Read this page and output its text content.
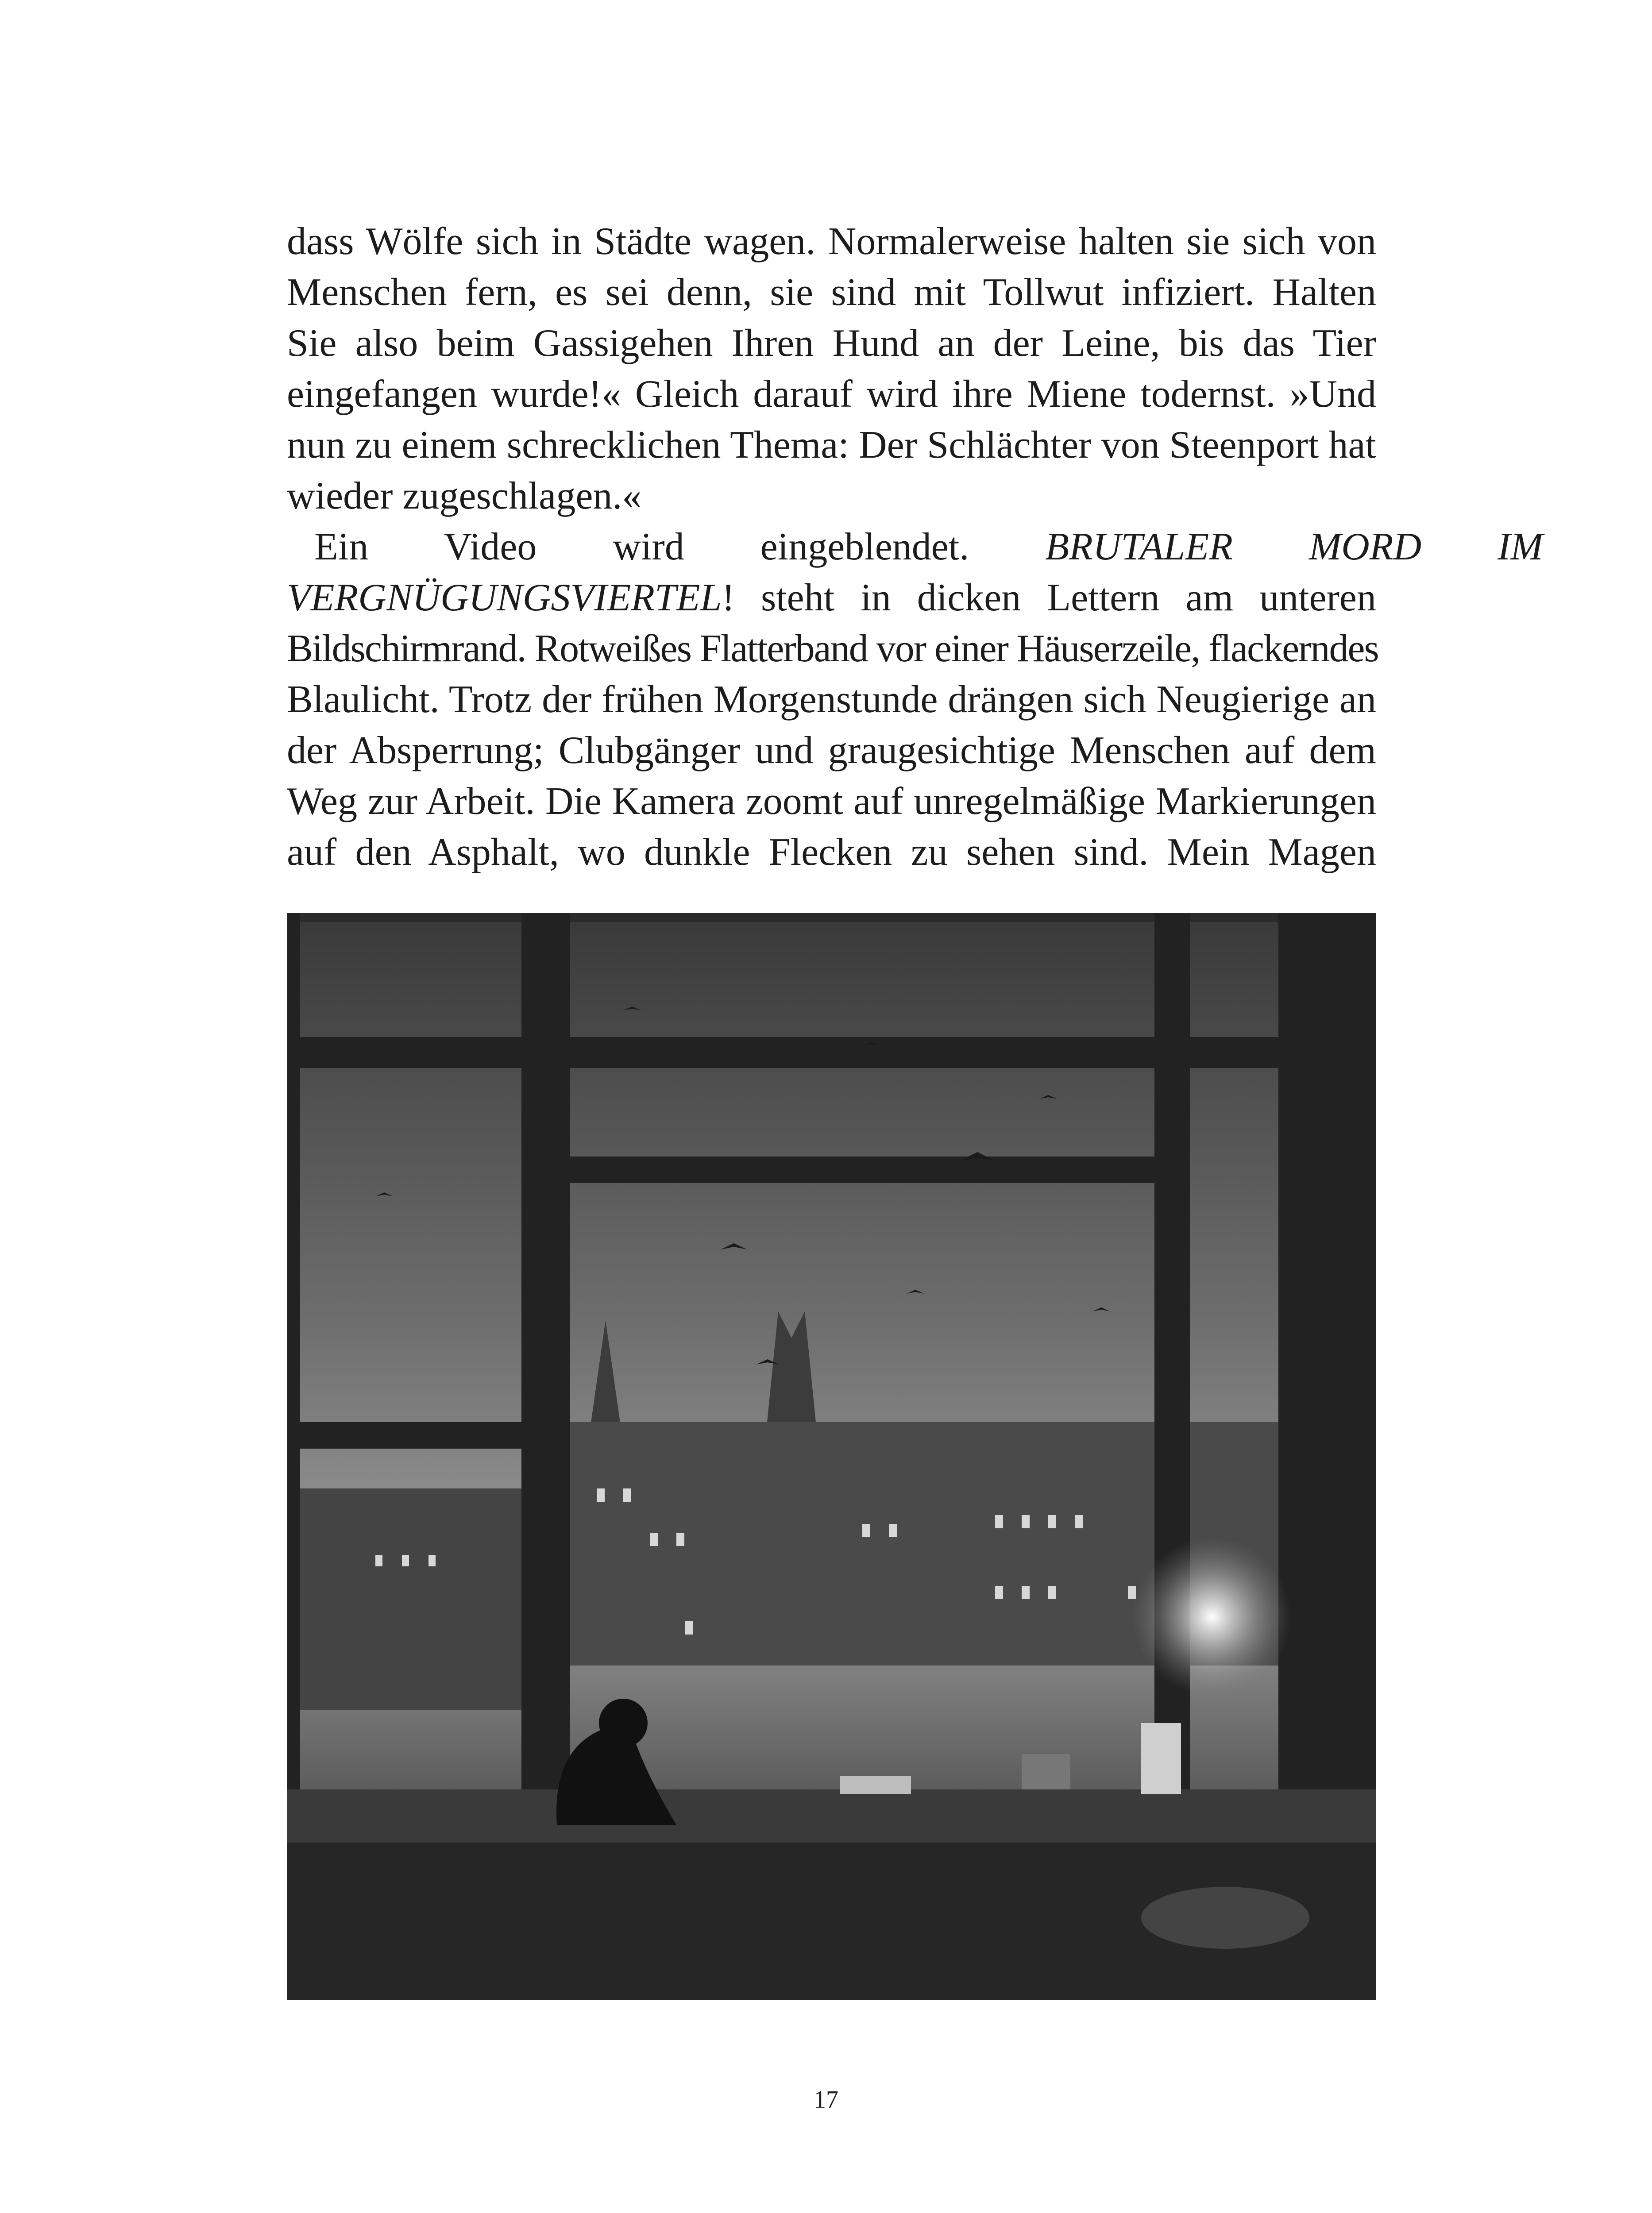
dass Wölfe sich in Städte wagen. Normalerweise halten sie sich von
Menschen fern, es sei denn, sie sind mit Tollwut infiziert. Halten
Sie also beim Gassigehen Ihren Hund an der Leine, bis das Tier
eingefangen wurde!« Gleich darauf wird ihre Miene todernst. »Und
nun zu einem schrecklichen Thema: Der Schlächter von Steenport hat
wieder zugeschlagen.«

Ein Video wird eingeblendet. BRUTALER MORD IM
VERGNÜGUNGSVIERTEL! steht in dicken Lettern am unteren
Bildschirmrand. Rotweißes Flatterband vor einer Häuserzeile, flackerndes
Blaulicht. Trotz der frühen Morgenstunde drängen sich Neugierige an
der Absperrung; Clubgänger und graugesichtige Menschen auf dem
Weg zur Arbeit. Die Kamera zoomt auf unregelmäßige Markierungen
auf den Asphalt, wo dunkle Flecken zu sehen sind. Mein Magen

17
